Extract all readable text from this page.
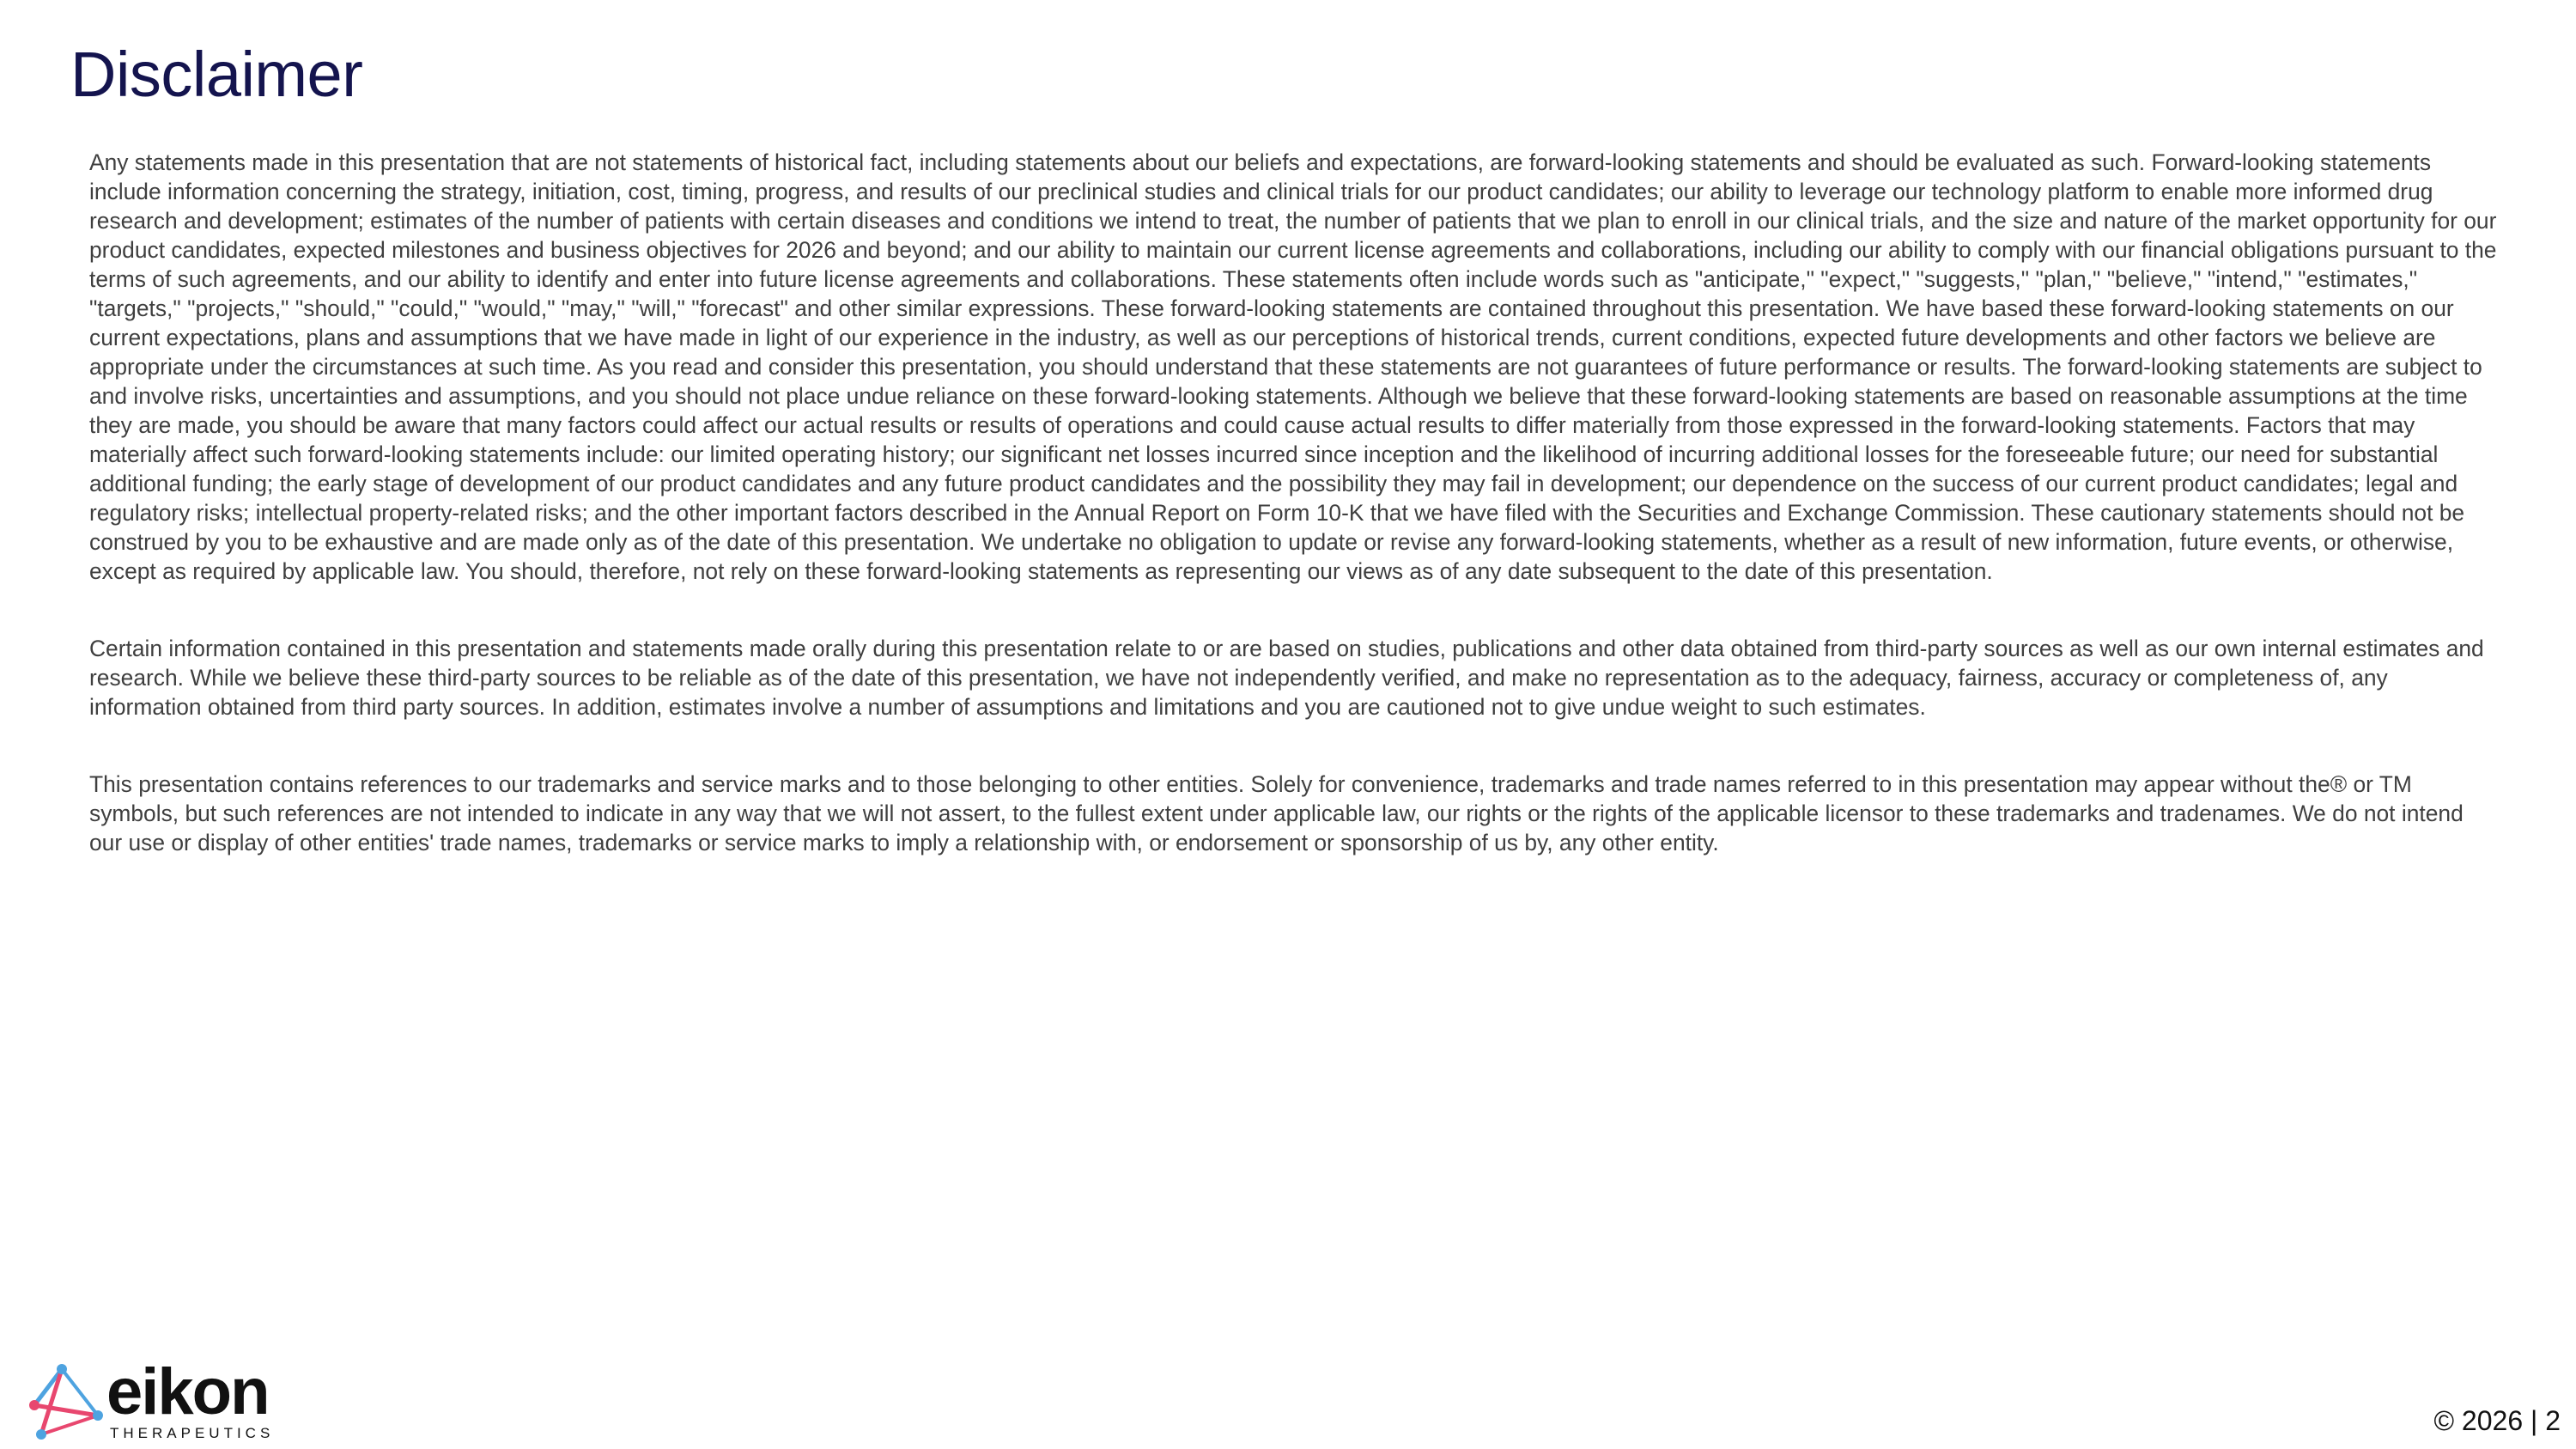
Disclaimer

Any statements made in this presentation that are not statements of historical fact, including statements about our beliefs and expectations, are forward-looking statements and should be evaluated as such. Forward-looking statements include information concerning the strategy, initiation, cost, timing, progress, and results of our preclinical studies and clinical trials for our product candidates; our ability to leverage our technology platform to enable more informed drug research and development; estimates of the number of patients with certain diseases and conditions we intend to treat, the number of patients that we plan to enroll in our clinical trials, and the size and nature of the market opportunity for our product candidates, expected milestones and business objectives for 2026 and beyond; and our ability to maintain our current license agreements and collaborations, including our ability to comply with our financial obligations pursuant to the terms of such agreements, and our ability to identify and enter into future license agreements and collaborations. These statements often include words such as "anticipate," "expect," "suggests," "plan," "believe," "intend," "estimates," "targets," "projects," "should," "could," "would," "may," "will," "forecast" and other similar expressions. These forward-looking statements are contained throughout this presentation. We have based these forward-looking statements on our current expectations, plans and assumptions that we have made in light of our experience in the industry, as well as our perceptions of historical trends, current conditions, expected future developments and other factors we believe are appropriate under the circumstances at such time. As you read and consider this presentation, you should understand that these statements are not guarantees of future performance or results. The forward-looking statements are subject to and involve risks, uncertainties and assumptions, and you should not place undue reliance on these forward-looking statements. Although we believe that these forward-looking statements are based on reasonable assumptions at the time they are made, you should be aware that many factors could affect our actual results or results of operations and could cause actual results to differ materially from those expressed in the forward-looking statements. Factors that may materially affect such forward-looking statements include: our limited operating history; our significant net losses incurred since inception and the likelihood of incurring additional losses for the foreseeable future; our need for substantial additional funding; the early stage of development of our product candidates and any future product candidates and the possibility they may fail in development; our dependence on the success of our current product candidates; legal and regulatory risks; intellectual property-related risks; and the other important factors described in the Annual Report on Form 10-K that we have filed with the Securities and Exchange Commission. These cautionary statements should not be construed by you to be exhaustive and are made only as of the date of this presentation. We undertake no obligation to update or revise any forward-looking statements, whether as a result of new information, future events, or otherwise, except as required by applicable law. You should, therefore, not rely on these forward-looking statements as representing our views as of any date subsequent to the date of this presentation.

Certain information contained in this presentation and statements made orally during this presentation relate to or are based on studies, publications and other data obtained from third-party sources as well as our own internal estimates and research. While we believe these third-party sources to be reliable as of the date of this presentation, we have not independently verified, and make no representation as to the adequacy, fairness, accuracy or completeness of, any information obtained from third party sources. In addition, estimates involve a number of assumptions and limitations and you are cautioned not to give undue weight to such estimates.

This presentation contains references to our trademarks and service marks and to those belonging to other entities. Solely for convenience, trademarks and trade names referred to in this presentation may appear without the® or TM symbols, but such references are not intended to indicate in any way that we will not assert, to the fullest extent under applicable law, our rights or the rights of the applicable licensor to these trademarks and tradenames. We do not intend our use or display of other entities' trade names, trademarks or service marks to imply a relationship with, or endorsement or sponsorship of us by, any other entity.

eikon
THERAPEUTICS	© 2026 | 2
